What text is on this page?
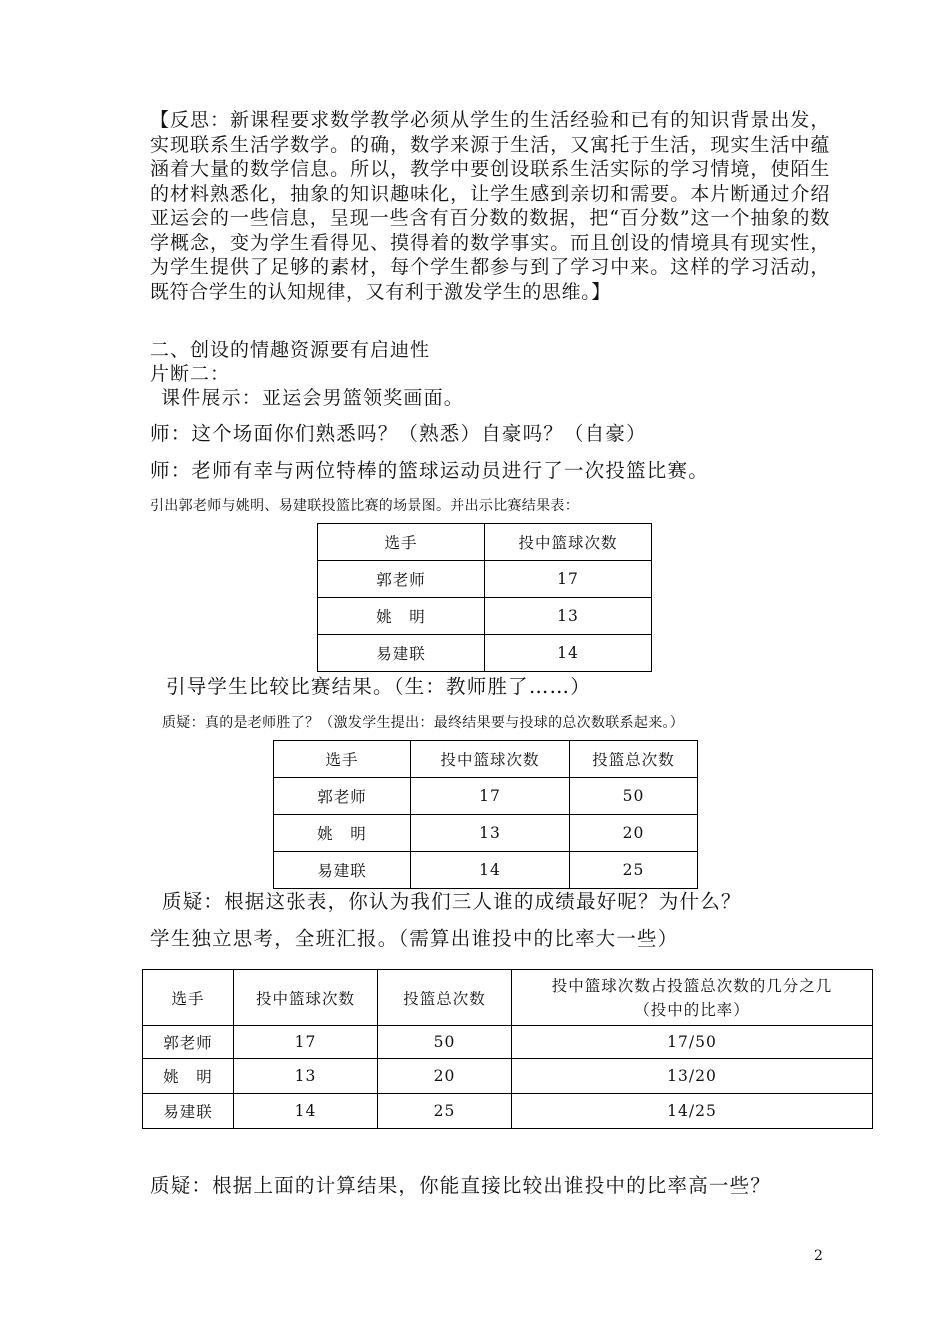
【反思：新课程要求数学教学必须从学生的生活经验和已有的知识背景出发，实现联系生活学数学。的确，数学来源于生活，又寓托于生活，现实生活中蕴涵着大量的数学信息。所以，教学中要创设联系生活实际的学习情境，使陌生的材料熟悉化，抽象的知识趣味化，让学生感到亲切和需要。本片断通过介绍亚运会的一些信息，呈现一些含有百分数的数据，把“百分数”这一个抽象的数学概念，变为学生看得见、摸得着的数学事实。而且创设的情境具有现实性，为学生提供了足够的素材，每个学生都参与到了学习中来。这样的学习活动，既符合学生的认知规律，又有利于激发学生的思维。】
二、创设的情趣资源要有启迪性
片断二：
课件展示：亚运会男篮领奖画面。
师：这个场面你们熟悉吗？（熟悉）自豪吗？（自豪）
师：老师有幸与两位特棒的篮球运动员进行了一次投篮比赛。
引出郭老师与姚明、易建联投篮比赛的场景图。并出示比赛结果表：
选手	投中篮球次数
郭老师	17
姚　明	13
易建联	14
引导学生比较比赛结果。（生：教师胜了……）
质疑：真的是老师胜了？（激发学生提出：最终结果要与投球的总次数联系起来。）
选手	投中篮球次数	投篮总次数
郭老师	17	50
姚　明	13	20
易建联	14	25
质疑：根据这张表，你认为我们三人谁的成绩最好呢？为什么？
学生独立思考，全班汇报。（需算出谁投中的比率大一些）
选手	投中篮球次数	投篮总次数	投中篮球次数占投篮总次数的几分之几
（投中的比率）

郭老师	17	50	17/50
姚　明	13	20	13/20
易建联	14	25	14/25
质疑：根据上面的计算结果，你能直接比较出谁投中的比率高一些？
2
